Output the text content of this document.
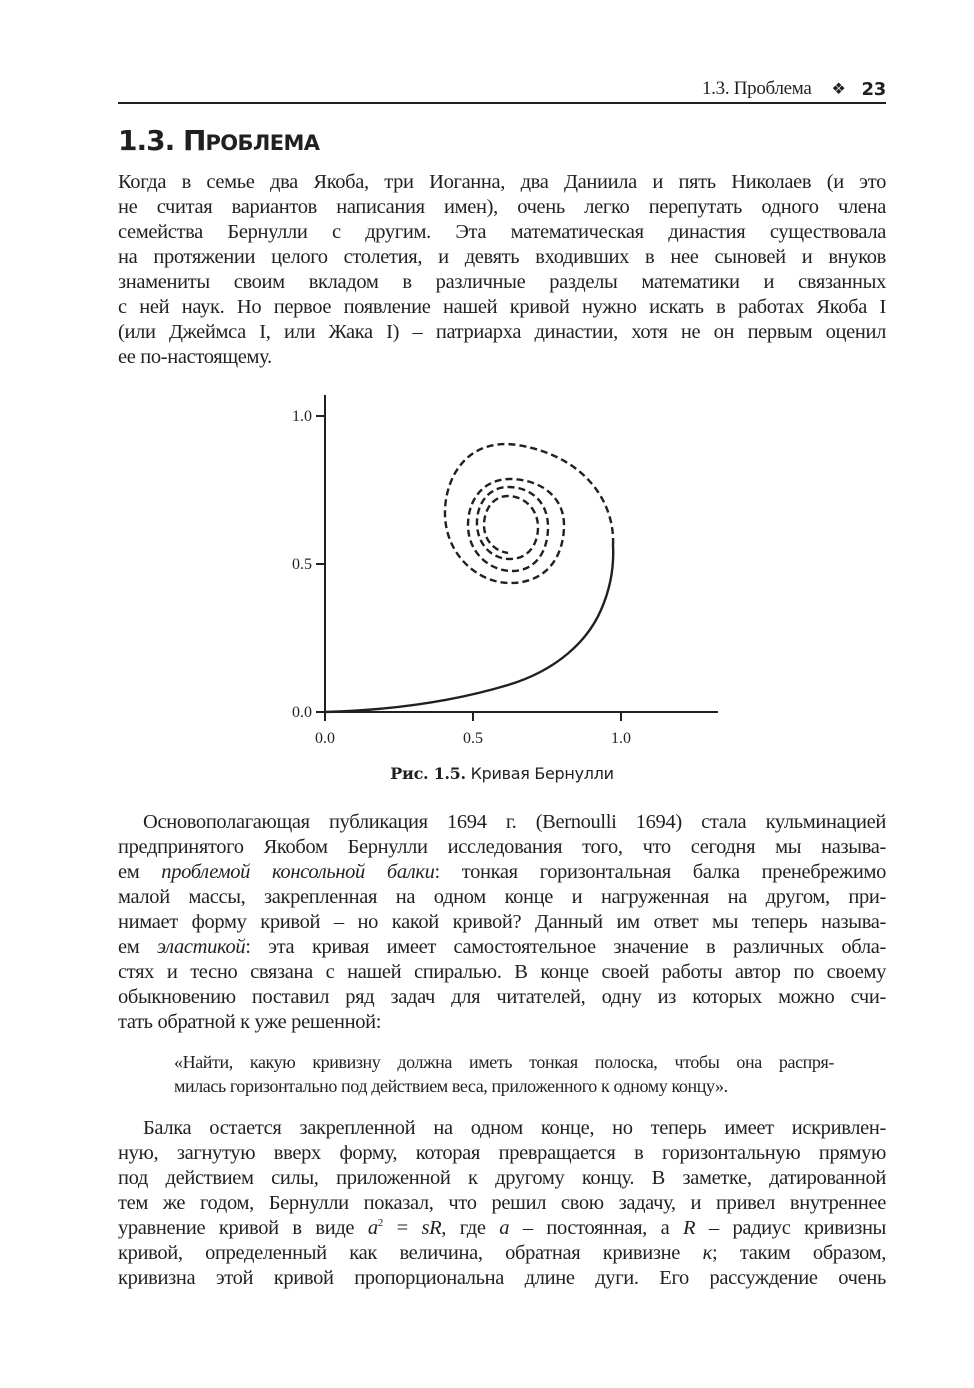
1.3. Проблема ❖ 23
1.3. ПРОБЛЕМА
Когда в семье два Якоба, три Иоганна, два Даниила и пять Николаев (и это
не считая вариантов написания имен), очень легко перепутать одного члена
семейства Бернулли с другим. Эта математическая династия существовала
на протяжении целого столетия, и девять входивших в нее сыновей и внуков
знамениты своим вкладом в различные разделы математики и связанных
с ней наук. Но первое появление нашей кривой нужно искать в работах Якоба I
(или Джеймса I, или Жака I) – патриарха династии, хотя не он первым оценил
ее по-настоящему.
1.0
0.5
0.0
0.0	0.5	1.0
Рис. 1.5. Кривая Бернулли
Основополагающая публикация 1694 г. (Bernoulli 1694) стала кульминацией
предпринятого Якобом Бернулли исследования того, что сегодня мы называ-
ем проблемой консольной балки: тонкая горизонтальная балка пренебрежимо
малой массы, закрепленная на одном конце и нагруженная на другом, при-
нимает форму кривой – но какой кривой? Данный им ответ мы теперь называ-
ем эластикой: эта кривая имеет самостоятельное значение в различных обла-
стях и тесно связана с нашей спиралью. В конце своей работы автор по своему
обыкновению поставил ряд задач для читателей, одну из которых можно счи-
тать обратной к уже решенной:
«Найти, какую кривизну должна иметь тонкая полоска, чтобы она распря-
милась горизонтально под действием веса, приложенного к одному концу».
Балка остается закрепленной на одном конце, но теперь имеет искривлен-
ную, загнутую вверх форму, которая превращается в горизонтальную прямую
под действием силы, приложенной к другому концу. В заметке, датированной
тем же годом, Бернулли показал, что решил свою задачу, и привел внутреннее
уравнение кривой в виде $a^2$ = sR, где a – постоянная, а R – радиус кривизны
кривой, определенный как величина, обратная кривизне κ; таким образом,
кривизна этой кривой пропорциональна длине дуги. Его рассуждение очень
